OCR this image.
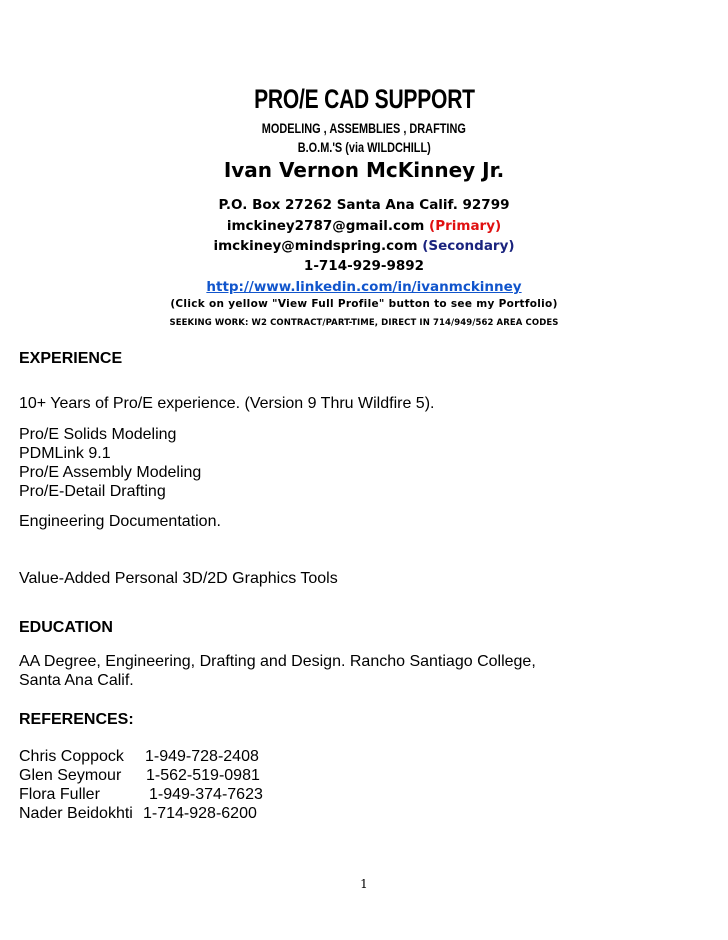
PRO/E CAD SUPPORT
MODELING , ASSEMBLIES , DRAFTING
B.O.M.'S (via WILDCHILL)
Ivan Vernon McKinney Jr.
P.O. Box 27262 Santa Ana Calif. 92799
imckiney2787@gmail.com (Primary)
imckiney@mindspring.com (Secondary)
1-714-929-9892
http://www.linkedin.com/in/ivanmckinney
(Click on yellow "View Full Profile" button to see my Portfolio)
SEEKING WORK: W2 CONTRACT/PART-TIME, DIRECT IN 714/949/562 AREA CODES
EXPERIENCE
10+ Years of Pro/E experience. (Version 9 Thru Wildfire 5).
Pro/E Solids Modeling
PDMLink 9.1
Pro/E Assembly Modeling
Pro/E-Detail Drafting
Engineering Documentation.
Value-Added Personal 3D/2D Graphics Tools
EDUCATION
AA Degree, Engineering, Drafting and Design. Rancho Santiago College,
Santa Ana Calif.
REFERENCES:
Chris Coppock	1-949-728-2408
Glen Seymour	1-562-519-0981
Flora Fuller	1-949-374-7623
Nader Beidokhti 1-714-928-6200
1
